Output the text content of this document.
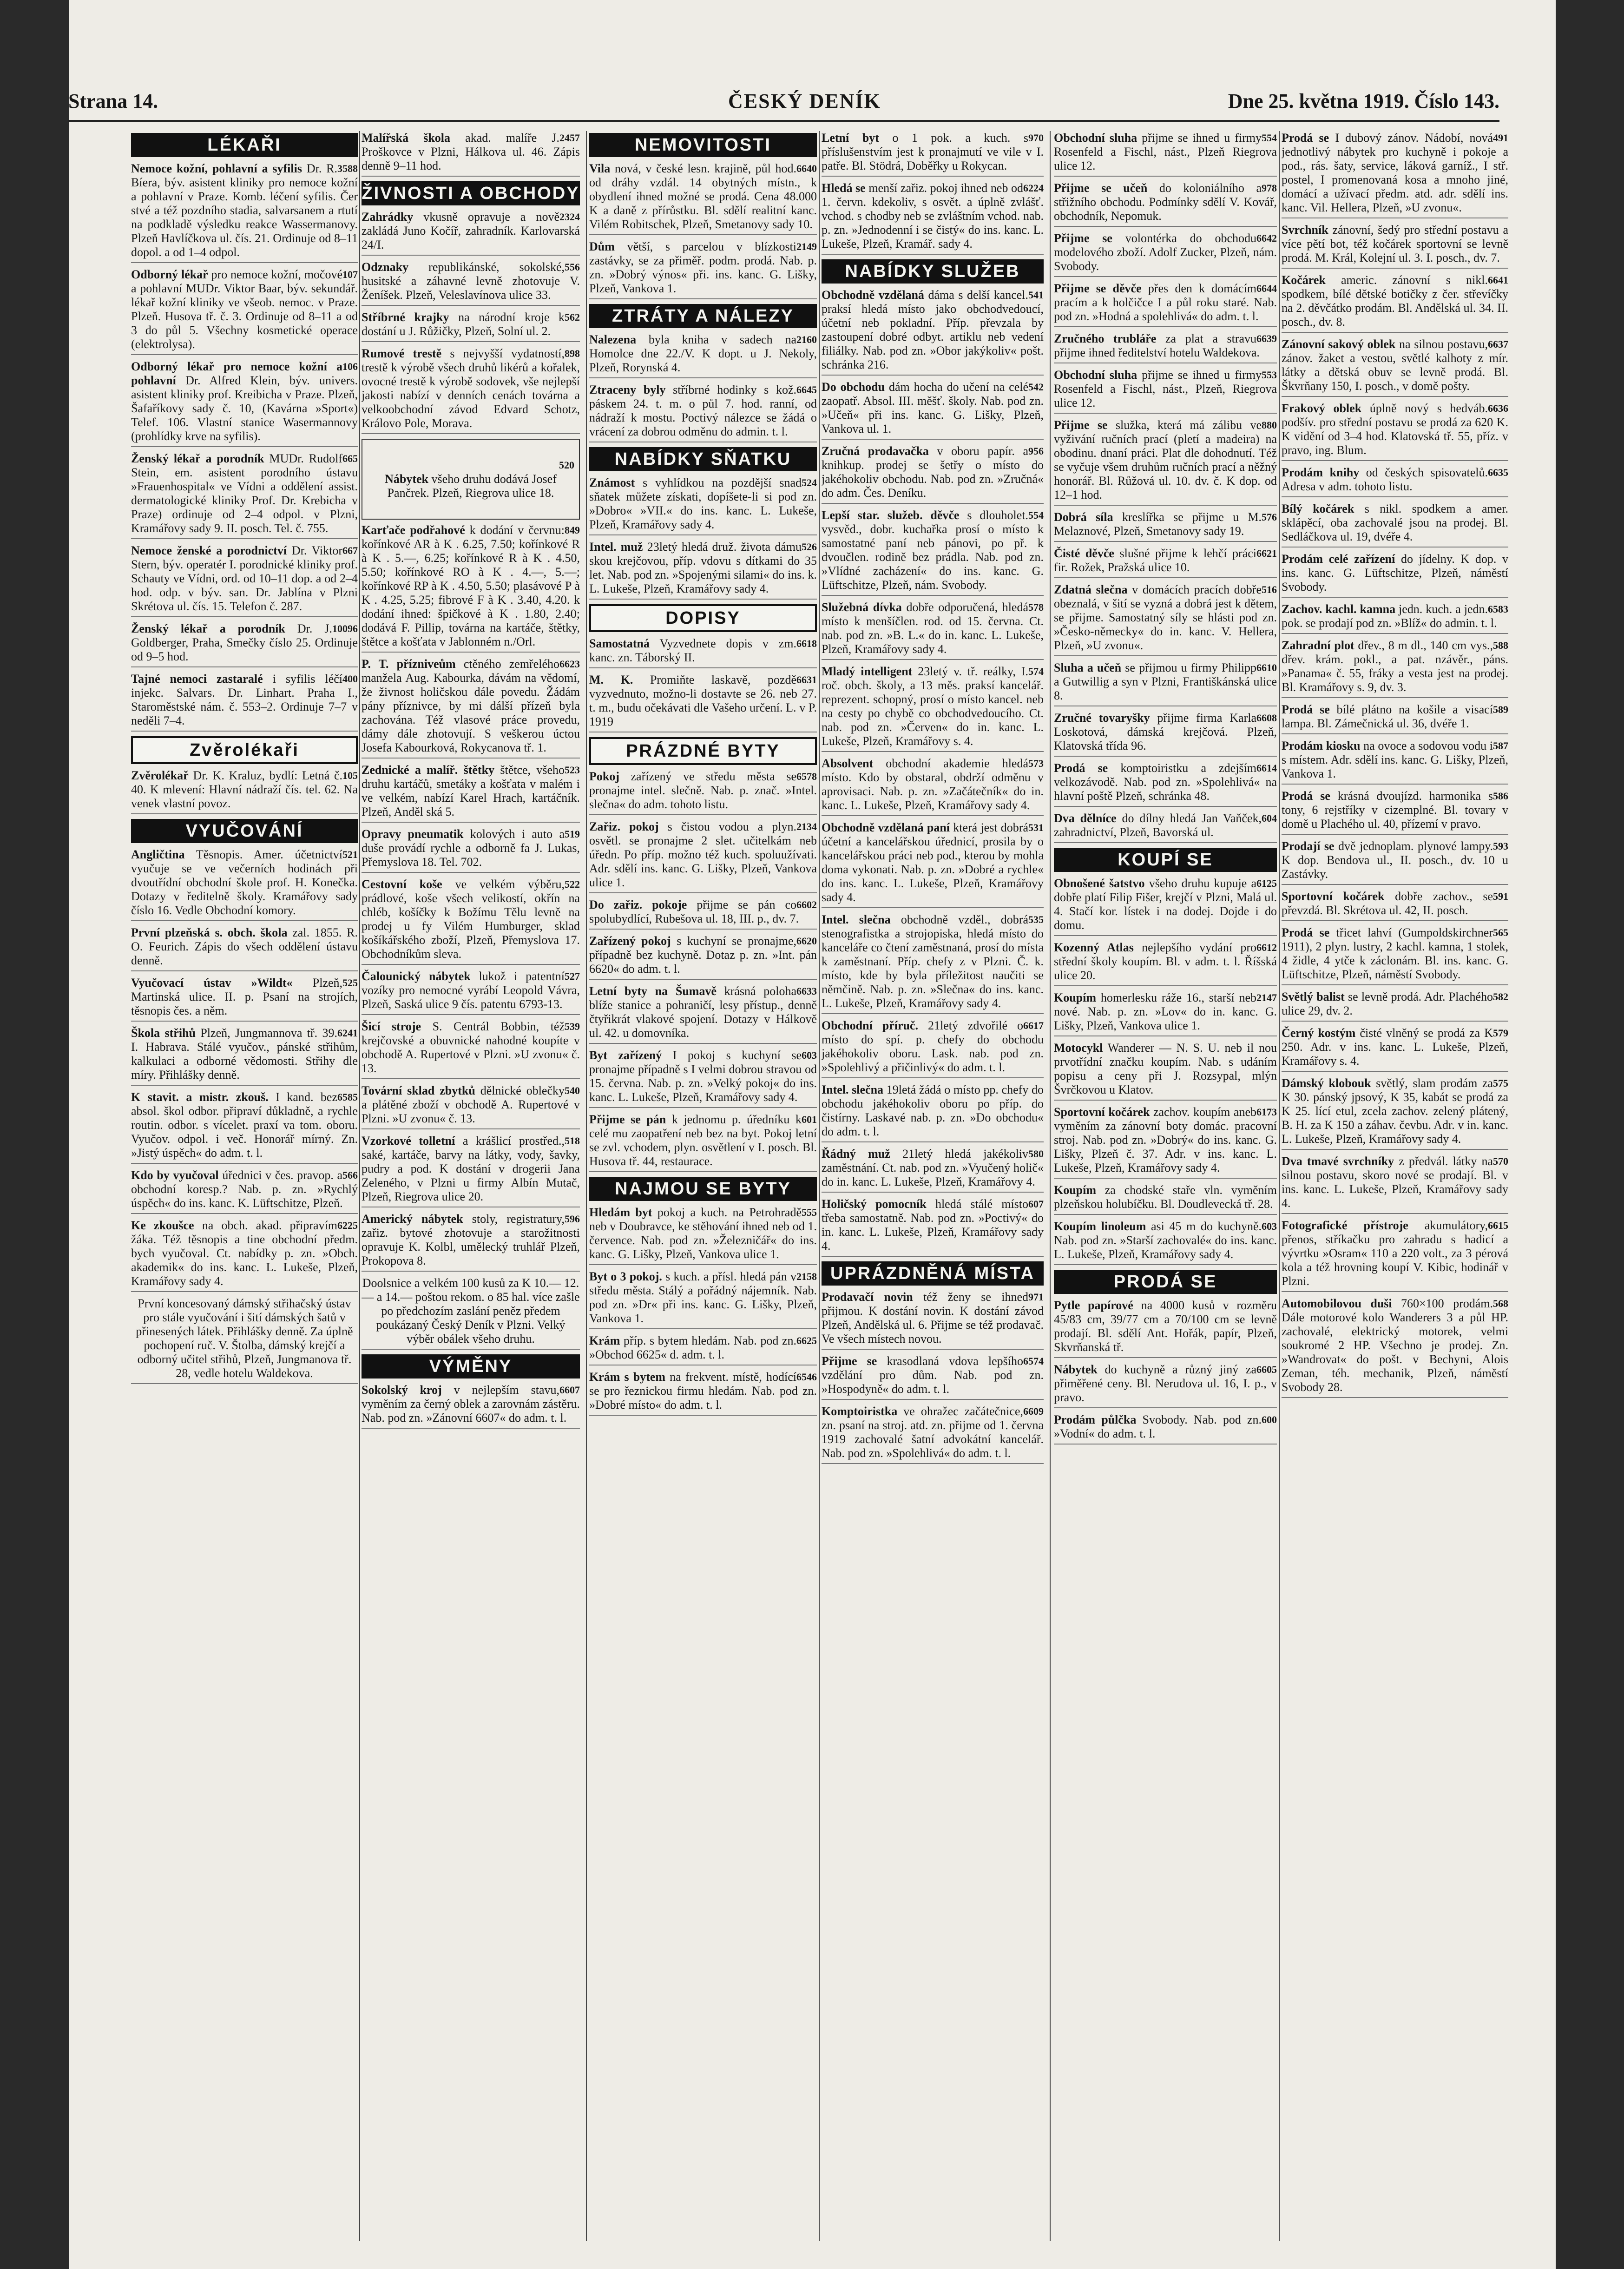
Strana 14.	ČESKÝ DENÍK	Dne 25. května 1919. Číslo 143.
LÉKAŘI
3588
Nemoce kožní, pohlavní a syfilis Dr. R. Bíera, býv. asistent kliniky pro nemoce kožní a pohlavní v Praze. Komb. léčení syfilis. Čer stvé a též pozdního stadia, salvarsanem a rtutí na podkladě výsledku reakce Wassermanovy. Plzeň Havlíčkova ul. čís. 21. Ordinuje od 8–11 dopol. a od 1–4 odpol.
107
Odborný lékař pro nemoce kožní, močové a pohlavní MUDr. Viktor Baar, býv. sekundář. lékař kožní kliniky ve všeob. nemoc. v Praze. Plzeň. Husova tř. č. 3. Ordinuje od 8–11 a od 3 do půl 5. Všechny kosmetické operace (elektrolysa).
106
Odborný lékař pro nemoce kožní a pohlavní Dr. Alfred Klein, býv. univers. asistent kliniky prof. Kreibicha v Praze. Plzeň, Šafaříkovy sady č. 10, (Kavárna »Sport«) Telef. 106. Vlastní stanice Wasermannovy (prohlídky krve na syfilis).
665
Ženský lékař a porodník MUDr. Rudolf Stein, em. asistent porodního ústavu »Frauenhospital« ve Vídni a oddělení assist. dermatologické kliniky Prof. Dr. Krebicha v Praze) ordinuje od 2–4 odpol. v Plzni, Kramářovy sady 9. II. posch. Tel. č. 755.
667
Nemoce ženské a porodnictví Dr. Viktor Stern, býv. operatér I. porodnické kliniky prof. Schauty ve Vídni, ord. od 10–11 dop. a od 2–4 hod. odp. v býv. san. Dr. Jablína v Plzni Skrétova ul. čís. 15. Telefon č. 287.
10096
Ženský lékař a porodník Dr. J. Goldberger, Praha, Smečky číslo 25. Ordinuje od 9–5 hod.
400
Tajné nemoci zastaralé i syfilis léčí injekc. Salvars. Dr. Linhart. Praha I., Staroměstské nám. č. 553–2. Ordinuje 7–7 v neděli 7–4.
Zvěrolékaři
105
Zvěrolékař Dr. K. Kraluz, bydlí: Letná č. 40. K mlevení: Hlavní nádraží čís. tel. 62. Na venek vlastní povoz.
VYUČOVÁNÍ
521
Angličtina Těsnopis. Amer. účetnictví vyučuje se ve večerních hodinách při dvoutřídní obchodní škole prof. H. Konečka. Dotazy v ředitelně školy. Kramářovy sady číslo 16. Vedle Obchodní komory.
První plzeňská s. obch. škola zal. 1855. R. O. Feurich. Zápis do všech oddělení ústavu denně.
525
Vyučovací ústav »Wildt« Plzeň, Martinská ulice. II. p. Psaní na strojích, těsnopis čes. a něm.
6241
Škola střihů Plzeň, Jungmannova tř. 39. I. Habrava. Stálé vyučov., pánské střihům, kalkulaci a odborné vědomosti. Střihy dle míry. Přihlášky denně.
6585
K stavit. a mistr. zkouš. I kand. bez absol. škol odbor. připraví důkladně, a rychle routin. odbor. s vícelet. praxí va tom. oboru. Vyučov. odpol. i več. Honorář mírný. Zn. »Jistý úspěch« do adm. t. l.
566
Kdo by vyučoval úřednici v čes. pravop. a obchodní koresp.? Nab. p. zn. »Rychlý úspěch« do ins. kanc. K. Lüftschitze, Plzeň.
6225
Ke zkoušce na obch. akad. připravím žáka. Též těsnopis a tine obchodní předm. bych vyučoval. Ct. nabídky p. zn. »Obch. akademik« do ins. kanc. L. Lukeše, Plzeň, Kramářovy sady 4.
První koncesovaný dámský střihačský ústav pro stále vyučování i šití dámských šatů v přinesených látek. Přihlášky denně. Za úplně pochopení ruč. V. Štolba, dámský krejčí a odborný učitel střihů, Plzeň, Jungmanova tř. 28, vedle hotelu Waldekova.
2457
Malířská škola akad. malíře J. Proškovce v Plzni, Hálkova ul. 46. Zápis denně 9–11 hod.
ŽIVNOSTI A OBCHODY
2324
Zahrádky vkusně opravuje a nově zakládá Juno Kočíř, zahradník. Karlovarská 24/I.
556
Odznaky republikánské, sokolské, husitské a záhavné levně zhotovuje V. Ženíšek. Plzeň, Veleslavínova ulice 33.
562
Stříbrné krajky na národní kroje k dostání u J. Růžičky, Plzeň, Solní ul. 2.
898
Rumové trestě s nejvyšší vydatností, trestě k výrobě všech druhů likérů a kořalek, ovocné trestě k výrobě sodovek, vše nejlepší jakosti nabízí v denních cenách továrna a velkoobchodní závod Edvard Schotz, Královo Pole, Morava.
520
Nábytek všeho druhu dodává Josef Pančrek. Plzeň, Riegrova ulice 18.
849
Karťače podřahové k dodání v červnu: kořínkové AR à K . 6.25, 7.50; kořínkové R à K . 5.—, 6.25; kořínkové R à K . 4.50, 5.50; kořínkové RO à K . 4.—, 5.—; kořínkové RP à K . 4.50, 5.50; plasávové P à K . 4.25, 5.25; fibrové F à K . 3.40, 4.20. k dodání ihned: špičkové à K . 1.80, 2.40; dodává F. Pillip, továrna na kartáče, štětky, štětce a košťata v Jablonném n./Orl.
6623
P. T. přízniveům ctěného zemřelého manžela Aug. Kabourka, dávám na vědomí, že živnost holičskou dále povedu. Žádám pány příznivce, by mi dálší přízeň byla zachována. Též vlasové práce provedu, dámy dále zhotovují. S veškerou úctou Josefa Kabourková, Rokycanova tř. 1.
523
Zednické a malíř. štětky štětce, všeho druhu kartáčů, smetáky a košťata v malém i ve velkém, nabízí Karel Hrach, kartáčník. Plzeň, Anděl ská 5.
519
Opravy pneumatik kolových i auto a duše provádí rychle a odborně fa J. Lukas, Přemyslova 18. Tel. 702.
522
Cestovní koše ve velkém výběru, prádlové, koše všech velikostí, okřín na chléb, košíčky k Božímu Tělu levně na prodej u fy Vilém Humburger, sklad košíkářského zboží, Plzeň, Přemyslova 17. Obchodníkům sleva.
527
Čalounický nábytek lukož i patentní vozíky pro nemocné vyrábí Leopold Vávra, Plzeň, Saská ulice 9 čís. patentu 6793-13.
539
Šicí stroje S. Centrál Bobbin, též krejčovské a obuvnické nahodné koupíte v obchodě A. Rupertové v Plzni. »U zvonu« č. 13.
540
Tovární sklad zbytků dělnické oblečky a plátěné zboží v obchodě A. Rupertové v Plzni. »U zvonu« č. 13.
518
Vzorkové tolletní a krášlicí prostřed., saké, kartáče, barvy na látky, vody, šavky, pudry a pod. K dostání v drogerii Jana Zeleného, v Plzni u firmy Albín Mutač, Plzeň, Riegrova ulice 20.
596
Americký nábytek stoly, registratury, zařiz. bytové zhotovuje a starožitnosti opravuje K. Kolbl, umělecký truhlář Plzeň, Prokopova 8.
Doolsnice a velkém 100 kusů za K 10.— 12.— a 14.— poštou rekom. o 85 hal. více zašle po předchozím zaslání peněz předem poukázaný Český Deník v Plzni. Velký výběr obálek všeho druhu.
VÝMĚNY
6607
Sokolský kroj v nejlepším stavu, vyměním za černý oblek a zarovnám zástěru. Nab. pod zn. »Zánovní 6607« do adm. t. l.
NEMOVITOSTI
6640
Vila nová, v české lesn. krajině, půl hod. od dráhy vzdál. 14 obytných místn., k obydlení ihned možné se prodá. Cena 48.000 K a daně z přírůstku. Bl. sdělí realitní kanc. Vilém Robitschek, Plzeň, Smetanovy sady 10.
2149
Dům větší, s parcelou v blízkosti zastávky, se za přiměř. podm. prodá. Nab. p. zn. »Dobrý výnos« při. ins. kanc. G. Lišky, Plzeň, Vankova 1.
ZTRÁTY A NÁLEZY
2160
Nalezena byla kniha v sadech na Homolce dne 22./V. K dopt. u J. Nekoly, Plzeň, Rorynská 4.
6645
Ztraceny byly stříbrné hodinky s kož. páskem 24. t. m. o půl 7. hod. ranní, od nádraží k mostu. Poctivý nálezce se žádá o vrácení za dobrou odměnu do admin. t. l.
NABÍDKY SŇATKU
524
Známost s vyhlídkou na pozdější snad sňatek můžete získati, dopíšete-li si pod zn. »Dobro« »VII.« do ins. kanc. L. Lukeše, Plzeň, Kramářovy sady 4.
526
Intel. muž 23letý hledá druž. života dámu skou krejčovou, příp. vdovu s dítkami do 35 let. Nab. pod zn. »Spojenými silami« do ins. k. L. Lukeše, Plzeň, Kramářovy sady 4.
DOPISY
6618
Samostatná Vyzvednete dopis v zm. kanc. zn. Táborský II.
6631
M. K. Promiňte laskavě, pozdě vyzvednuto, možno-li dostavte se 26. neb 27. t. m., budu očekávati dle Vašeho určení. L. v P. 1919
PRÁZDNÉ BYTY
6578
Pokoj zařízený ve středu města se pronajme intel. slečně. Nab. p. znač. »Intel. slečna« do adm. tohoto listu.
2134
Zařiz. pokoj s čistou vodou a plyn. osvětl. se pronajme 2 slet. učitelkám neb úředn. Po příp. možno též kuch. spoluužívati. Adr. sdělí ins. kanc. G. Lišky, Plzeň, Vankova ulice 1.
6602
Do zařiz. pokoje přijme se pán co spolubydlící, Rubešova ul. 18, III. p., dv. 7.
6620
Zařízený pokoj s kuchyní se pronajme, případně bez kuchyně. Dotaz p. zn. »Int. pán 6620« do adm. t. l.
6633
Letní byty na Šumavě krásná poloha blíže stanice a pohraničí, lesy přístup., denně čtyřikrát vlakové spojení. Dotazy v Hálkově ul. 42. u domovníka.
603
Byt zařízený I pokoj s kuchyní se pronajme případně s I velmi dobrou stravou od 15. června. Nab. p. zn. »Velký pokoj« do ins. kanc. L. Lukeše, Plzeň, Kramářovy sady 4.
601
Přijme se pán k jednomu p. úředníku k celé mu zaopatření neb bez na byt. Pokoj letní se zvl. vchodem, plyn. osvětlení v I. posch. Bl. Husova tř. 44, restaurace.
NAJMOU SE BYTY
555
Hledám byt pokoj a kuch. na Petrohradě neb v Doubravce, ke stěhování ihned neb od 1. července. Nab. pod zn. »Železničář« do ins. kanc. G. Lišky, Plzeň, Vankova ulice 1.
2158
Byt o 3 pokoj. s kuch. a přísl. hledá pán v středu města. Stálý a pořádný nájemník. Nab. pod zn. »Dr« při ins. kanc. G. Lišky, Plzeň, Vankova 1.
6625
Krám příp. s bytem hledám. Nab. pod zn. »Obchod 6625« d. adm. t. l.
6546
Krám s bytem na frekvent. místě, hodící se pro řeznickou firmu hledám. Nab. pod zn. »Dobré místo« do adm. t. l.
970
Letní byt o 1 pok. a kuch. s příslušenstvím jest k pronajmutí ve vile v I. patře. Bl. Stödrá, Doběřky u Rokycan.
6224
Hledá se menší zařiz. pokoj ihned neb od 1. červn. kdekoliv, s osvět. a úplně zvlášť. vchod. s chodby neb se zvláštním vchod. nab. p. zn. »Jednodenní i se čistý« do ins. kanc. L. Lukeše, Plzeň, Kramář. sady 4.
NABÍDKY SLUŽEB
541
Obchodně vzdělaná dáma s delší kancel. praksí hledá místo jako obchodvedoucí, účetní neb pokladní. Příp. převzala by zastoupení dobré odbyt. artiklu neb vedení filiálky. Nab. pod zn. »Obor jakýkoliv« pošt. schránka 216.
542
Do obchodu dám hocha do učení na celé zaopatř. Absol. III. měšť. školy. Nab. pod zn. »Učeň« při ins. kanc. G. Lišky, Plzeň, Vankova ul. 1.
956
Zručná prodavačka v oboru papír. a knihkup. prodej se šetřy o místo do jakéhokoliv obchodu. Nab. pod zn. »Zručná« do adm. Čes. Deníku.
554
Lepší star. služeb. děvče s dlouholet. vysvěd., dobr. kuchařka prosí o místo k samostatné paní neb pánovi, po př. k dvoučlen. rodině bez prádla. Nab. pod zn. »Vlídné zacházení« do ins. kanc. G. Lüftschitze, Plzeň, nám. Svobody.
578
Služebná dívka dobře odporučená, hledá místo k menšíčlen. rod. od 15. června. Ct. nab. pod zn. »B. L.« do in. kanc. L. Lukeše, Plzeň, Kramářovy sady 4.
574
Mladý intelligent 23letý v. tř. reálky, I. roč. obch. školy, a 13 měs. praksí kancelář. reprezent. schopný, prosí o místo kancel. neb na cesty po chybě co obchodvedoucího. Ct. nab. pod zn. »Červen« do in. kanc. L. Lukeše, Plzeň, Kramářovy s. 4.
573
Absolvent obchodní akademie hledá místo. Kdo by obstaral, obdrží odměnu v aprovisaci. Nab. p. zn. »Začátečník« do in. kanc. L. Lukeše, Plzeň, Kramářovy sady 4.
531
Obchodně vzdělaná paní která jest dobrá účetní a kancelářskou úřednicí, prosila by o kancelářskou práci neb pod., kterou by mohla doma vykonati. Nab. p. zn. »Dobré a rychle« do ins. kanc. L. Lukeše, Plzeň, Kramářovy sady 4.
535
Intel. slečna obchodně vzděl., dobrá stenografistka a strojopiska, hledá místo do kanceláře co čtení zaměstnaná, prosí do místa k zaměstnaní. Příp. chefy z v Plzni. Č. k. místo, kde by byla příležitost naučiti se němčině. Nab. p. zn. »Slečna« do ins. kanc. L. Lukeše, Plzeň, Kramářovy sady 4.
6617
Obchodní příruč. 21letý zdvořilé o místo do spí. p. chefy do obchodu jakéhokoliv oboru. Lask. nab. pod zn. »Spolehlivý a přičinlivý« do adm. t. l.
Intel. slečna 19letá žádá o místo pp. chefy do obchodu jakéhokoliv oboru po příp. do čistírny. Laskavé nab. p. zn. »Do obchodu« do adm. t. l.
580
Řádný muž 21letý hledá jakékoliv zaměstnání. Ct. nab. pod zn. »Vyučený holič« do in. kanc. L. Lukeše, Plzeň, Kramářovy 4.
607
Holičský pomocník hledá stálé místo třeba samostatně. Nab. pod zn. »Poctivý« do in. kanc. L. Lukeše, Plzeň, Kramářovy sady 4.
UPRÁZDNĚNÁ MÍSTA
971
Prodavačí novin též ženy se ihned přijmou. K dostání novin. K dostání závod Plzeň, Andělská ul. 6. Přijme se též prodavač. Ve všech místech novou.
6574
Přijme se krasodlaná vdova lepšího vzdělání pro dům. Nab. pod zn. »Hospodyně« do adm. t. l.
6609
Komptoiristka ve ohražec začátečnice, zn. psaní na stroj. atd. zn. přijme od 1. června 1919 zachovalé šatní advokátní kancelář. Nab. pod zn. »Spolehlivá« do adm. t. l.
554
Obchodní sluha přijme se ihned u firmy Rosenfeld a Fischl, nást., Plzeň Riegrova ulice 12.
978
Přijme se učeň do koloniálního a střižního obchodu. Podmínky sdělí V. Kovář, obchodník, Nepomuk.
6642
Přijme se volontérka do obchodu modelového zboží. Adolf Zucker, Plzeň, nám. Svobody.
6644
Přijme se děvče přes den k domácím pracím a k holčičce I a půl roku staré. Nab. pod zn. »Hodná a spolehlivá« do adm. t. l.
6639
Zručného trubláře za plat a stravu přijme ihned ředitelství hotelu Waldekova.
553
Obchodní sluha přijme se ihned u firmy Rosenfeld a Fischl, nást., Plzeň, Riegrova ulice 12.
880
Přijme se služka, která má zálibu ve vyživání ručních prací (pletí a madeira) na obodinu. dnaní práci. Plat dle dohodnutí. Též se vyčuje všem druhům ručních prací a něžný honorář. Bl. Růžová ul. 10. dv. č. K dop. od 12–1 hod.
576
Dobrá síla kreslířka se přijme u M. Melaznové, Plzeň, Smetanovy sady 19.
6621
Čisté děvče slušné přijme k lehčí práci fir. Rožek, Pražská ulice 10.
516
Zdatná slečna v domácích pracích dobře obeznalá, v šití se vyzná a dobrá jest k dětem, se přijme. Samostatný síly se hlásti pod zn. »Česko-německy« do in. kanc. V. Hellera, Plzeň, »U zvonu«.
6610
Sluha a učeň se přijmou u firmy Philipp a Gutwillig a syn v Plzni, Františkánská ulice 8.
6608
Zručné tovaryšky přijme firma Karla Loskotová, dámská krejčová. Plzeň, Klatovská třída 96.
6614
Prodá se komptoiristku a zdejším velkozávodě. Nab. pod zn. »Spolehlivá« na hlavní poště Plzeň, schránka 48.
604
Dva dělníce do dílny hledá Jan Vaňček, zahradnictví, Plzeň, Bavorská ul.
KOUPÍ SE
6125
Obnošené šatstvo všeho druhu kupuje a dobře platí Filip Fišer, krejčí v Plzni, Malá ul. 4. Stačí kor. lístek i na dodej. Dojde i do domu.
6612
Kozenný Atlas nejlepšího vydání pro střední školy koupím. Bl. v adm. t. l. Říšská ulice 20.
2147
Koupím homerlesku ráže 16., starší neb nové. Nab. p. zn. »Lov« do in. kanc. G. Lišky, Plzeň, Vankova ulice 1.
Motocykl Wanderer — N. S. U. neb il nou prvotřídní značku koupím. Nab. s udáním popisu a ceny při J. Rozsypal, mlýn Švrčkovou u Klatov.
6173
Sportovní kočárek zachov. koupím aneb vyměním za zánovní boty domác. pracovní stroj. Nab. pod zn. »Dobrý« do ins. kanc. G. Lišky, Plzeň č. 37. Adr. v ins. kanc. L. Lukeše, Plzeň, Kramářovy sady 4.
Koupím za chodské staře vln. vyměním plzeňskou holubíčku. Bl. Doudlevecká tř. 28.
603
Koupím linoleum asi 45 m do kuchyně. Nab. pod zn. »Starší zachovalé« do ins. kanc. L. Lukeše, Plzeň, Kramářovy sady 4.
PRODÁ SE
Pytle papírové na 4000 kusů v rozměru 45/83 cm, 39/77 cm a 70/100 cm se levně prodají. Bl. sdělí Ant. Hořák, papír, Plzeň, Skvrňanská tř.
6605
Nábytek do kuchyně a různý jiný za přiměřené ceny. Bl. Nerudova ul. 16, I. p., v pravo.
600
Prodám půlčka Svobody. Nab. pod zn. »Vodní« do adm. t. l.
491
Prodá se I dubový zánov. Nádobí, nová jednotlivý nábytek pro kuchyně i pokoje a pod., rás. šaty, service, láková garníž., I stř. postel, I promenovaná kosa a mnoho jiné, domácí a užívací předm. atd. adr. sdělí ins. kanc. Vil. Hellera, Plzeň, »U zvonu«.
Svrchník zánovní, šedý pro střední postavu a více pětí bot, též kočárek sportovní se levně prodá. M. Král, Kolejní ul. 3. I. posch., dv. 7.
6641
Kočárek americ. zánovní s nikl. spodkem, bílé dětské botičky z čer. střevíčky na 2. děvčátko prodám. Bl. Andělská ul. 34. II. posch., dv. 8.
6637
Zánovní sakový oblek na silnou postavu, zánov. žaket a vestou, světlé kalhoty z mír. látky a dětská obuv se levně prodá. Bl. Škvrňany 150, I. posch., v domě pošty.
6636
Frakový oblek úplně nový s hedváb. podšív. pro střední postavu se prodá za 620 K. K vidění od 3–4 hod. Klatovská tř. 55, příz. v pravo, ing. Blum.
6635
Prodám knihy od českých spisovatelů. Adresa v adm. tohoto listu.
Bílý kočárek s nikl. spodkem a amer. sklápěcí, oba zachovalé jsou na prodej. Bl. Sedláčkova ul. 19, dvéře 4.
Prodám celé zařízení do jídelny. K dop. v ins. kanc. G. Lüftschitze, Plzeň, náměstí Svobody.
6583
Zachov. kachl. kamna jedn. kuch. a jedn. pok. se prodají pod zn. »Blíž« do admin. t. l.
588
Zahradní plot dřev., 8 m dl., 140 cm vys., dřev. krám. pokl., a pat. nzávěr., páns. »Panama« č. 55, fráky a vesta jest na prodej. Bl. Kramářovy s. 9, dv. 3.
589
Prodá se bílé plátno na košile a visací lampa. Bl. Zámečnická ul. 36, dvéře 1.
587
Prodám kiosku na ovoce a sodovou vodu i s místem. Adr. sdělí ins. kanc. G. Lišky, Plzeň, Vankova 1.
586
Prodá se krásná dvoujízd. harmonika s tony, 6 rejstříky v cizemplné. Bl. tovary v domě u Plachého ul. 40, přízemí v pravo.
593
Prodají se dvě jednoplam. plynové lampy. K dop. Bendova ul., II. posch., dv. 10 u Zastávky.
591
Sportovní kočárek dobře zachov., se převzdá. Bl. Skrétova ul. 42, II. posch.
565
Prodá se třicet lahví (Gumpoldskirchner 1911), 2 plyn. lustry, 2 kachl. kamna, 1 stolek, 4 židle, 4 ytče k záclonám. Bl. ins. kanc. G. Lüftschitze, Plzeň, náměstí Svobody.
582
Světlý balist se levně prodá. Adr. Plachého ulice 29, dv. 2.
579
Černý kostým čisté vlněný se prodá za K 250. Adr. v ins. kanc. L. Lukeše, Plzeň, Kramářovy s. 4.
575
Dámský klobouk světlý, slam prodám za K 30. pánský jpsový, K 35, kabát se prodá za K 25. lící etul, zcela zachov. zelený plátený, B. H. za K 150 a záhav. čevbu. Adr. v in. kanc. L. Lukeše, Plzeň, Kramářovy sady 4.
570
Dva tmavé svrchníky z předvál. látky na silnou postavu, skoro nové se prodají. Bl. v ins. kanc. L. Lukeše, Plzeň, Kramářovy sady 4.
6615
Fotografické přístroje akumulátory, přenos, stříkačku pro zahradu s hadicí a vývrtku »Osram« 110 a 220 volt., za 3 pérová kola a též hrovning koupí V. Kibic, hodinář v Plzni.
568
Automobilovou duši 760×100 prodám. Dále motorové kolo Wanderers 3 a půl HP. zachovalé, elektrický motorek, velmi soukromé 2 HP. Všechno je prodej. Zn. »Wandrovat« do pošt. v Bechyni, Alois Zeman, téh. mechanik, Plzeň, náměstí Svobody 28.
